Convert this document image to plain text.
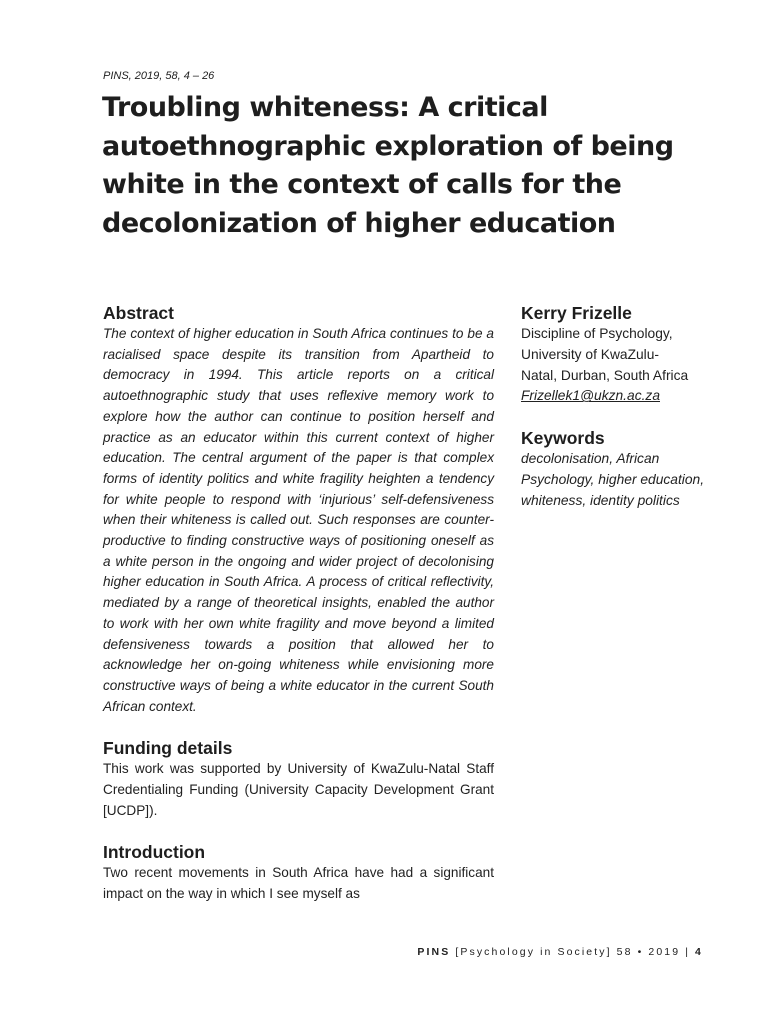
PINS, 2019, 58, 4 – 26
Troubling whiteness: A critical autoethnographic exploration of being white in the context of calls for the decolonization of higher education
Abstract

The context of higher education in South Africa continues to be a racialised space despite its transition from Apartheid to democracy in 1994. This article reports on a critical autoethnographic study that uses reflexive memory work to explore how the author can continue to position herself and practice as an educator within this current context of higher education. The central argument of the paper is that complex forms of identity politics and white fragility heighten a tendency for white people to respond with ‘injurious’ self-defensiveness when their whiteness is called out. Such responses are counter-productive to finding constructive ways of positioning oneself as a white person in the ongoing and wider project of decolonising higher education in South Africa. A process of critical reflectivity, mediated by a range of theoretical insights, enabled the author to work with her own white fragility and move beyond a limited defensiveness towards a position that allowed her to acknowledge her on-going whiteness while envisioning more constructive ways of being a white educator in the current South African context.

Funding details

This work was supported by University of KwaZulu-Natal Staff Credentialing Funding (University Capacity Development Grant [UCDP]).

Introduction

Two recent movements in South Africa have had a significant impact on the way in which I see myself as

Kerry Frizelle
Discipline of Psychology,
University of KwaZulu-
Natal, Durban, South Africa
Frizellek1@ukzn.ac.za
Keywords

decolonisation, African Psychology, higher education, whiteness, identity politics

PINS [Psychology in Society] 58 • 2019 | 4
